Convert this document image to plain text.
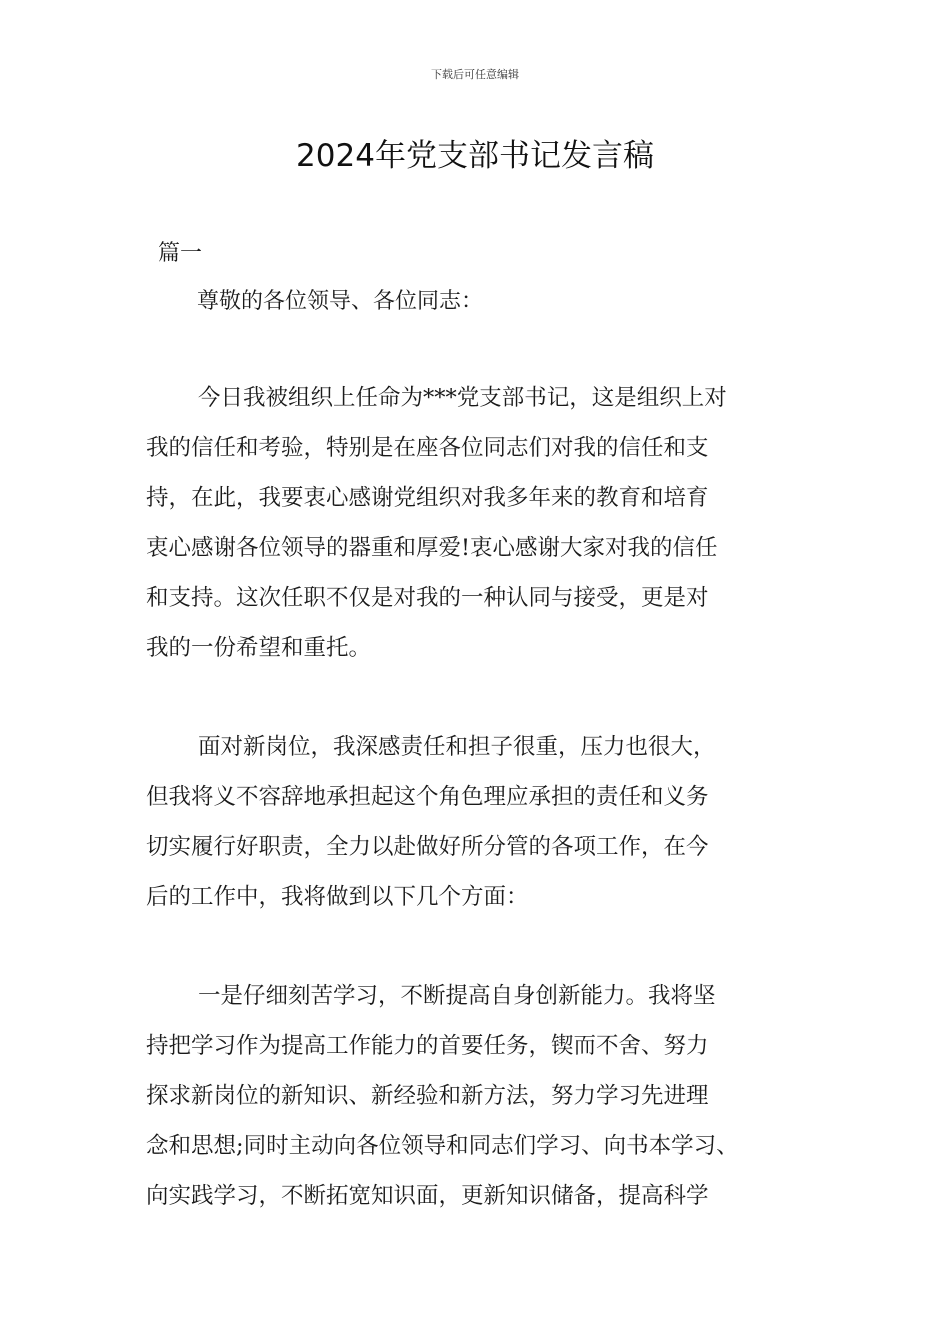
下载后可任意编辑
2024年党支部书记发言稿
篇一
尊敬的各位领导、各位同志：
今日我被组织上任命为***党支部书记，这是组织上对
我的信任和考验，特别是在座各位同志们对我的信任和支
持，在此，我要衷心感谢党组织对我多年来的教育和培育
衷心感谢各位领导的器重和厚爱!衷心感谢大家对我的信任
和支持。这次任职不仅是对我的一种认同与接受，更是对
我的一份希望和重托。
面对新岗位，我深感责任和担子很重，压力也很大，
但我将义不容辞地承担起这个角色理应承担的责任和义务
切实履行好职责，全力以赴做好所分管的各项工作，在今
后的工作中，我将做到以下几个方面：
一是仔细刻苦学习，不断提高自身创新能力。我将坚
持把学习作为提高工作能力的首要任务，锲而不舍、努力
探求新岗位的新知识、新经验和新方法，努力学习先进理
念和思想;同时主动向各位领导和同志们学习、向书本学习、
向实践学习，不断拓宽知识面，更新知识储备，提高科学
